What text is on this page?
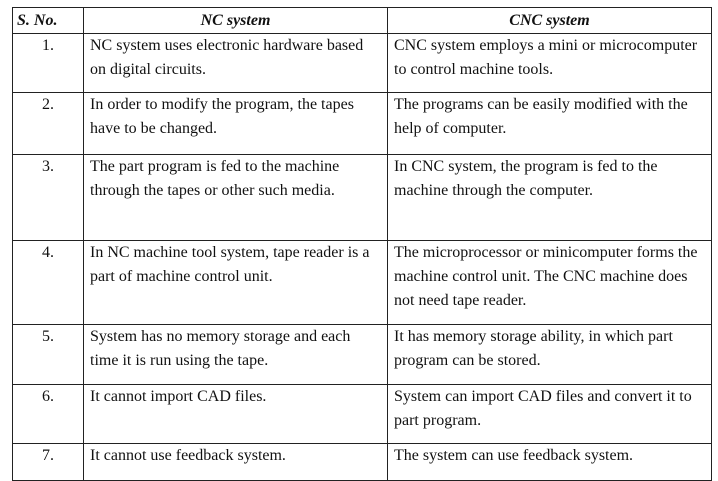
S. No.	NC system	CNC system
1.	NC system uses electronic hardware based on digital circuits.	CNC system employs a mini or microcomputer to control machine tools.
2.	In order to modify the program, the tapes have to be changed.	The programs can be easily modified with the help of computer.
3.	The part program is fed to the machine through the tapes or other such media.	In CNC system, the program is fed to the machine through the computer.
4.	In NC machine tool system, tape reader is a part of machine control unit.	The microprocessor or minicomputer forms the machine control unit. The CNC machine does not need tape reader.
5.	System has no memory storage and each time it is run using the tape.	It has memory storage ability, in which part program can be stored.
6.	It cannot import CAD files.	System can import CAD files and convert it to part program.
7.	It cannot use feedback system.	The system can use feedback system.
